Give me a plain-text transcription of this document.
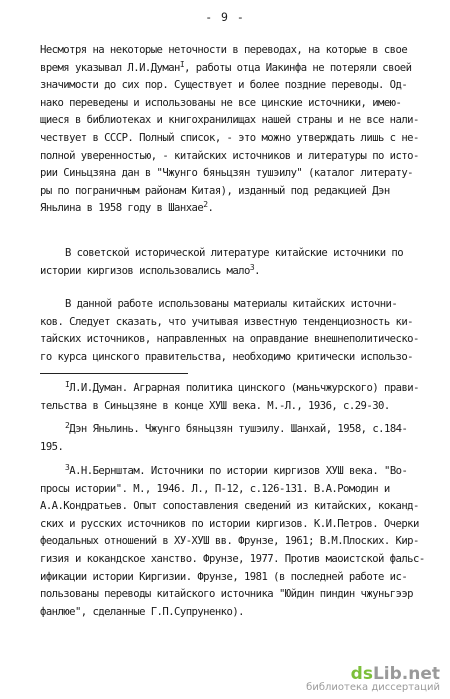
- 9 -
Несмотря на некоторые неточности в переводах, на которые в свое
время указывал Л.И.Думан$^I$, работы отца Иакинфа не потеряли своей
значимости до сих пор. Существует и более поздние переводы. Од-
нако переведены и использованы не все цинские источники, имею-
щиеся в библиотеках и книгохранилищах нашей страны и не все нали-
чествует в СССР. Полный список, - это можно утверждать лишь с не-
полной уверенностью, - китайских источников и литературы по исто-
рии Синьцзяна дан в "Чжунго бяньцзян тушэилу" (каталог литерату-
ры по пограничным районам Китая), изданный под редакцией Дэн
Яньлина в 1958 году в Шанхае$^2$.
В советской исторической литературе китайские источники по
истории киргизов использовались мало$^3$.
В данной работе использованы материалы китайских источни-
ков. Следует сказать, что учитывая известную тенденциозность ки-
тайских источников, направленных на оправдание внешнеполитическо-
го курса цинского правительства, необходимо критически использо-
$^I$Л.И.Думан. Аграрная политика цинского (маньчжурского) прави-
тельства в Синьцзяне в конце ХУШ века. М.-Л., 1936, с.29-30.
$^2$Дэн Яньлинь. Чжунго бяньцзян тушэилу. Шанхай, 1958, с.184-
195.
$^3$А.Н.Бернштам. Источники по истории киргизов ХУШ века. "Во-
просы истории". М., 1946. Л., П-12, с.126-131. В.А.Ромодин и
А.А.Кондратьев. Опыт сопоставления сведений из китайских, коканд-
ских и русских источников по истории киргизов. К.И.Петров. Очерки
феодальных отношений в ХУ-ХУШ вв. Фрунзе, 1961; В.М.Плоских. Кир-
гизия и кокандское ханство. Фрунзе, 1977. Против маоистской фальс-
ификации истории Киргизии. Фрунзе, 1981 (в последней работе ис-
пользованы переводы китайского источника "Юйдин пиндин чжуньгээр
фанлюе", сделанные Г.П.Супруненко).
dsLib.net
библиотека диссертаций
